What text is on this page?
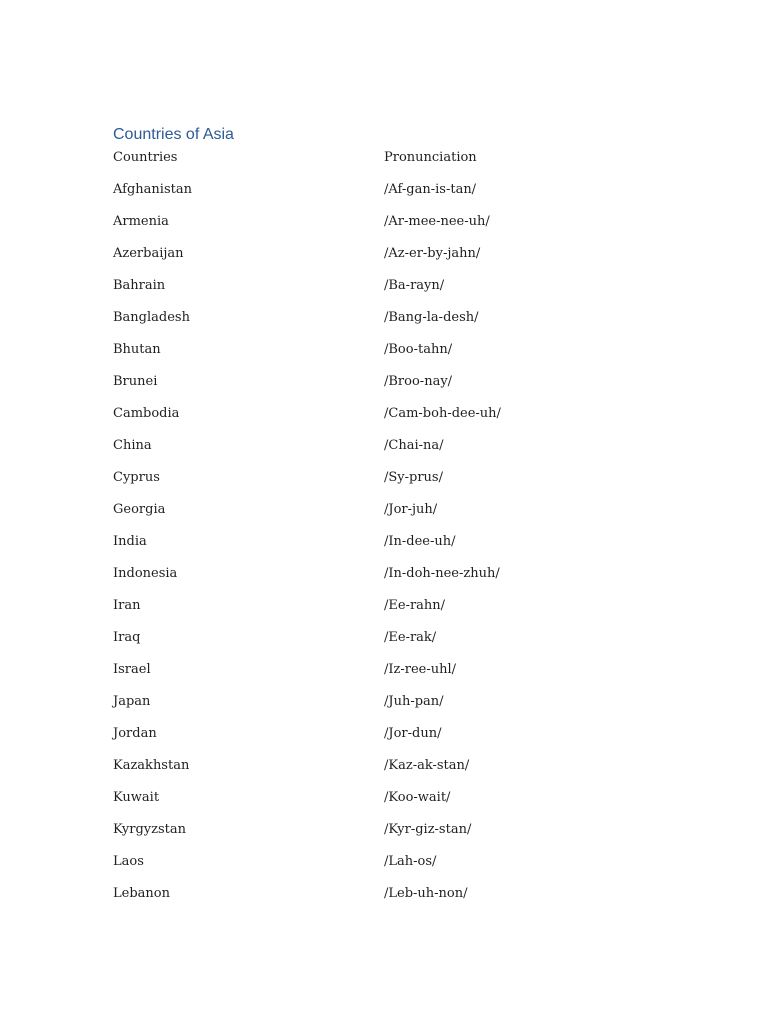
Countries of Asia
Countries	Pronunciation
Afghanistan	/Af-gan-is-tan/
Armenia	/Ar-mee-nee-uh/
Azerbaijan	/Az-er-by-jahn/
Bahrain	/Ba-rayn/
Bangladesh	/Bang-la-desh/
Bhutan	/Boo-tahn/
Brunei	/Broo-nay/
Cambodia	/Cam-boh-dee-uh/
China	/Chai-na/
Cyprus	/Sy-prus/
Georgia	/Jor-juh/
India	/In-dee-uh/
Indonesia	/In-doh-nee-zhuh/
Iran	/Ee-rahn/
Iraq	/Ee-rak/
Israel	/Iz-ree-uhl/
Japan	/Juh-pan/
Jordan	/Jor-dun/
Kazakhstan	/Kaz-ak-stan/
Kuwait	/Koo-wait/
Kyrgyzstan	/Kyr-giz-stan/
Laos	/Lah-os/
Lebanon	/Leb-uh-non/
